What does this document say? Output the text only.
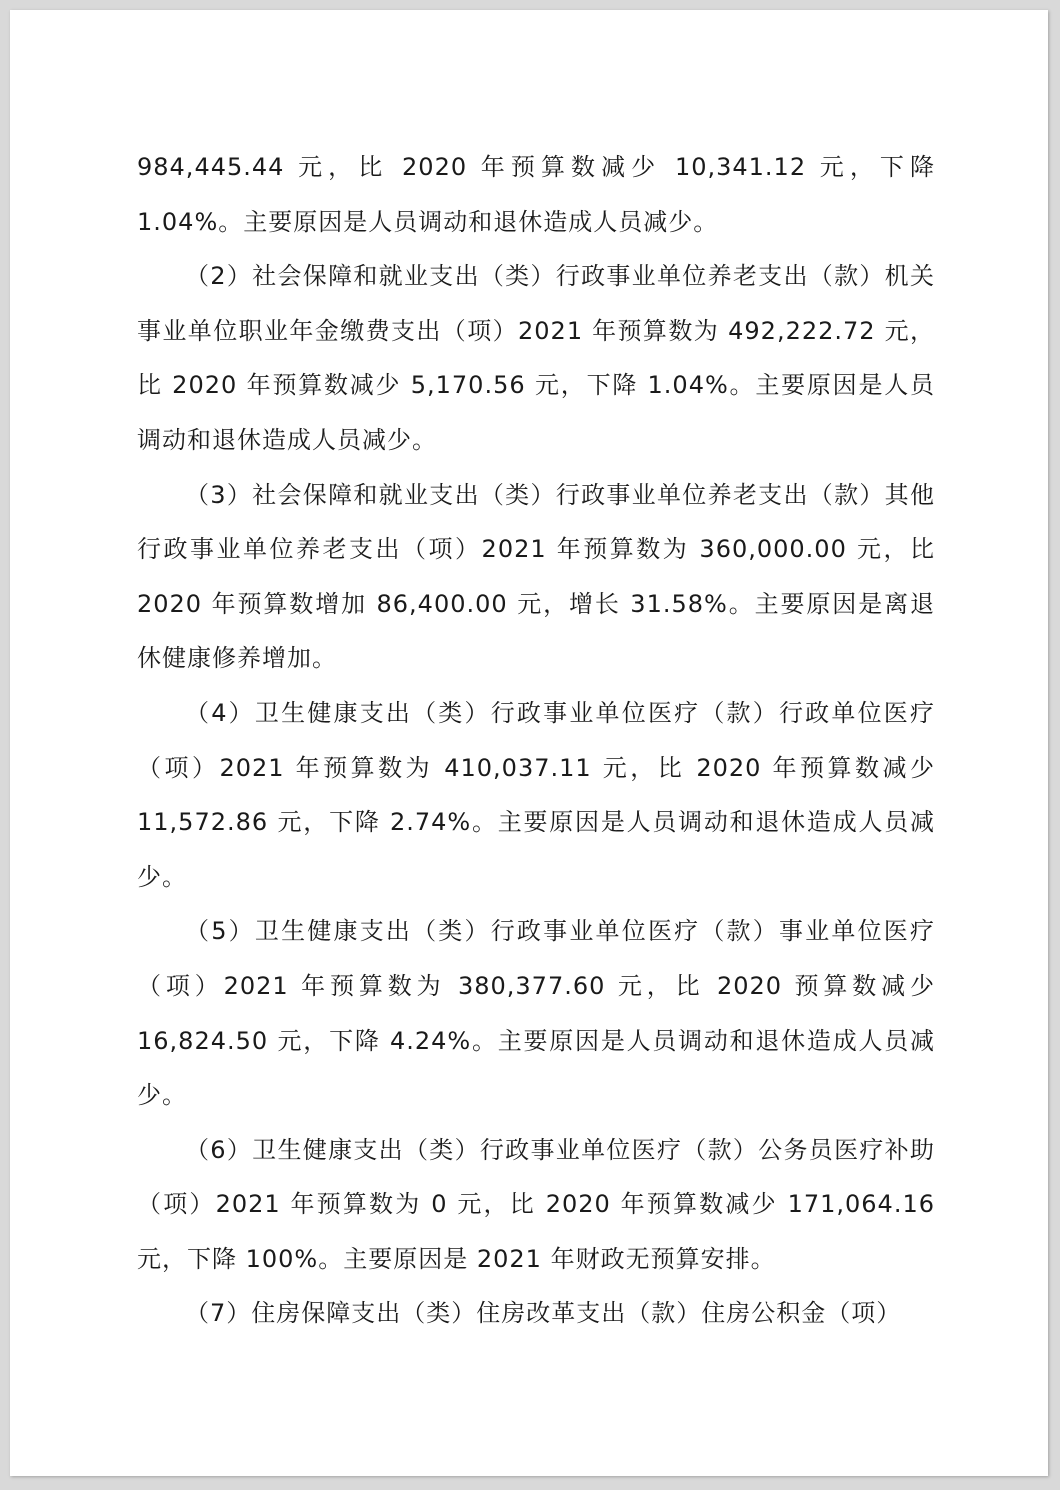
984,445.44 元，比 2020 年预算数减少 10,341.12 元，下降 1.04%。主要原因是人员调动和退休造成人员减少。

（2）社会保障和就业支出（类）行政事业单位养老支出（款）机关事业单位职业年金缴费支出（项）2021 年预算数为 492,222.72 元，比 2020 年预算数减少 5,170.56 元，下降 1.04%。主要原因是人员调动和退休造成人员减少。

（3）社会保障和就业支出（类）行政事业单位养老支出（款）其他行政事业单位养老支出（项）2021 年预算数为 360,000.00 元，比 2020 年预算数增加 86,400.00 元，增长 31.58%。主要原因是离退休健康修养增加。

（4）卫生健康支出（类）行政事业单位医疗（款）行政单位医疗（项）2021 年预算数为 410,037.11 元，比 2020 年预算数减少 11,572.86 元，下降 2.74%。主要原因是人员调动和退休造成人员减少。

（5）卫生健康支出（类）行政事业单位医疗（款）事业单位医疗（项）2021 年预算数为 380,377.60 元，比 2020 预算数减少 16,824.50 元，下降 4.24%。主要原因是人员调动和退休造成人员减少。

（6）卫生健康支出（类）行政事业单位医疗（款）公务员医疗补助（项）2021 年预算数为 0 元，比 2020 年预算数减少 171,064.16 元，下降 100%。主要原因是 2021 年财政无预算安排。

（7）住房保障支出（类）住房改革支出（款）住房公积金（项）
